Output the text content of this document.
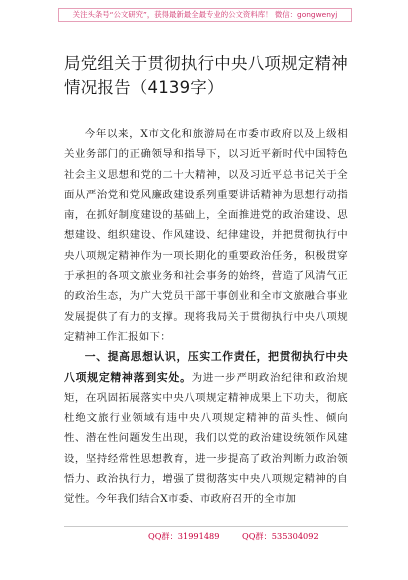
关注头条号“公文研究”，获得最新最全最专业的公文资料库！ 微信：gongwenyj
局党组关于贯彻执行中央八项规定精神情况报告（4139字）

今年以来，X市文化和旅游局在市委市政府以及上级相关业务部门的正确领导和指导下，以习近平新时代中国特色社会主义思想和党的二十大精神，以及习近平总书记关于全面从严治党和党风廉政建设系列重要讲话精神为思想行动指南，在抓好制度建设的基础上，全面推进党的政治建设、思想建设、组织建设、作风建设、纪律建设，并把贯彻执行中央八项规定精神作为一项长期化的重要政治任务，积极贯穿于承担的各项文旅业务和社会事务的始终，营造了风清气正的政治生态，为广大党员干部干事创业和全市文旅融合事业发展提供了有力的支撑。现将我局关于贯彻执行中央八项规定精神工作汇报如下：

一、提高思想认识，压实工作责任，把贯彻执行中央八项规定精神落到实处。为进一步严明政治纪律和政治规矩，在巩固拓展落实中央八项规定精神成果上下功夫，彻底杜绝文旅行业领域有违中央八项规定精神的苗头性、倾向性、潜在性问题发生出现，我们以党的政治建设统领作风建设，坚持经常性思想教育，进一步提高了政治判断力政治领悟力、政治执行力，增强了贯彻落实中央八项规定精神的自觉性。今年我们结合X市委、市政府召开的全市加

QQ群：31991489	QQ群：535304092
